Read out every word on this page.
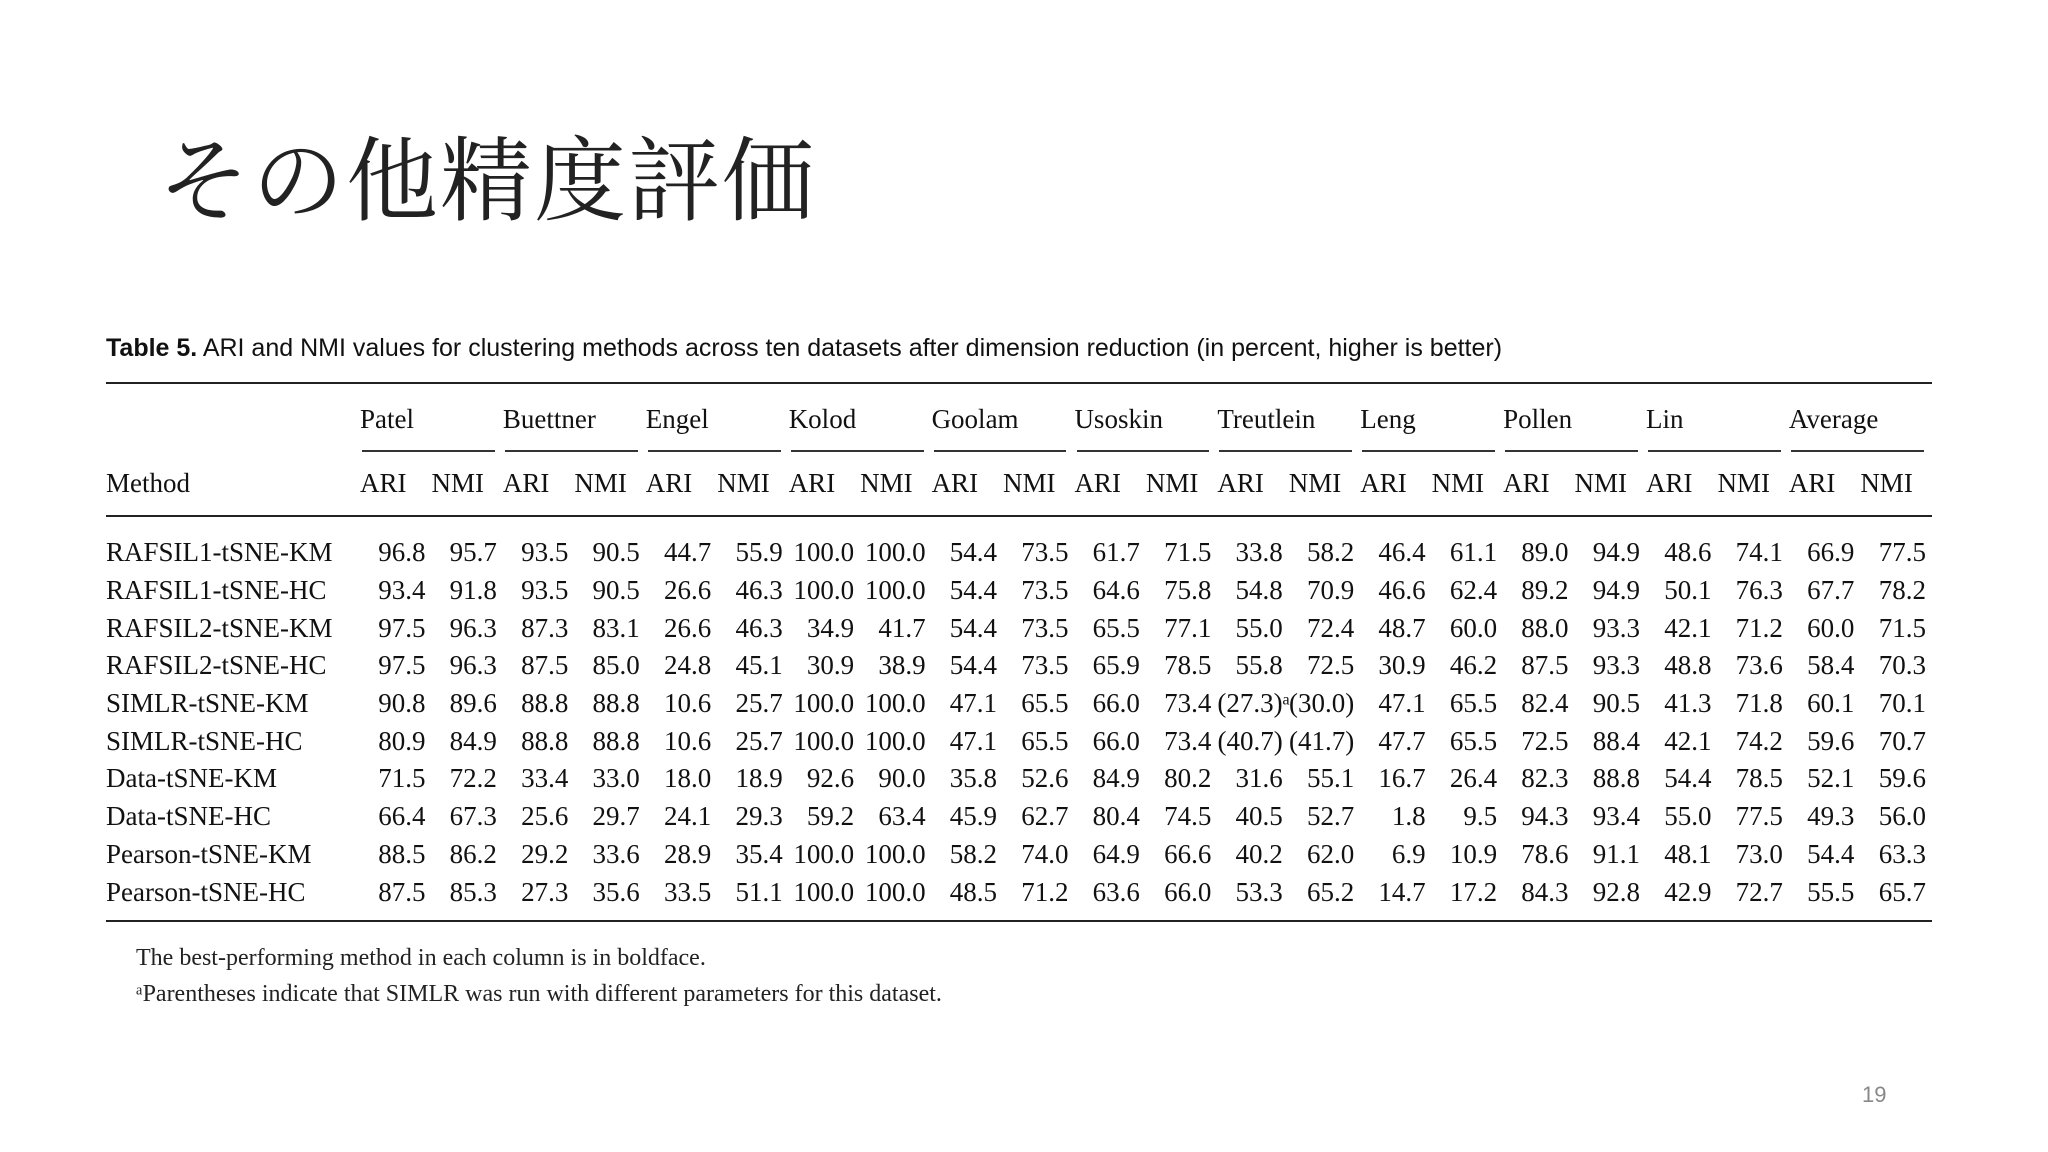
その他精度評価
Table 5. ARI and NMI values for clustering methods across ten datasets after dimension reduction (in percent, higher is better)
	Patel		Buettner		Engel		Kolod		Goolam		Usoskin		Treutlein		Leng		Pollen		Lin		Average	
Method	ARI	NMI	ARI	NMI	ARI	NMI	ARI	NMI	ARI	NMI	ARI	NMI	ARI	NMI	ARI	NMI	ARI	NMI	ARI	NMI	ARI	NMI

RAFSIL1-tSNE-KM	96.8	95.7	93.5	90.5	44.7	55.9	100.0	100.0	54.4	73.5	61.7	71.5	33.8	58.2	46.4	61.1	89.0	94.9	48.6	74.1	66.9	77.5
RAFSIL1-tSNE-HC	93.4	91.8	93.5	90.5	26.6	46.3	100.0	100.0	54.4	73.5	64.6	75.8	54.8	70.9	46.6	62.4	89.2	94.9	50.1	76.3	67.7	78.2
RAFSIL2-tSNE-KM	97.5	96.3	87.3	83.1	26.6	46.3	34.9	41.7	54.4	73.5	65.5	77.1	55.0	72.4	48.7	60.0	88.0	93.3	42.1	71.2	60.0	71.5
RAFSIL2-tSNE-HC	97.5	96.3	87.5	85.0	24.8	45.1	30.9	38.9	54.4	73.5	65.9	78.5	55.8	72.5	30.9	46.2	87.5	93.3	48.8	73.6	58.4	70.3
SIMLR-tSNE-KM	90.8	89.6	88.8	88.8	10.6	25.7	100.0	100.0	47.1	65.5	66.0	73.4	(27.3)ᵃ	(30.0)	47.1	65.5	82.4	90.5	41.3	71.8	60.1	70.1
SIMLR-tSNE-HC	80.9	84.9	88.8	88.8	10.6	25.7	100.0	100.0	47.1	65.5	66.0	73.4	(40.7)	(41.7)	47.7	65.5	72.5	88.4	42.1	74.2	59.6	70.7
Data-tSNE-KM	71.5	72.2	33.4	33.0	18.0	18.9	92.6	90.0	35.8	52.6	84.9	80.2	31.6	55.1	16.7	26.4	82.3	88.8	54.4	78.5	52.1	59.6
Data-tSNE-HC	66.4	67.3	25.6	29.7	24.1	29.3	59.2	63.4	45.9	62.7	80.4	74.5	40.5	52.7	1.8	9.5	94.3	93.4	55.0	77.5	49.3	56.0
Pearson-tSNE-KM	88.5	86.2	29.2	33.6	28.9	35.4	100.0	100.0	58.2	74.0	64.9	66.6	40.2	62.0	6.9	10.9	78.6	91.1	48.1	73.0	54.4	63.3
Pearson-tSNE-HC	87.5	85.3	27.3	35.6	33.5	51.1	100.0	100.0	48.5	71.2	63.6	66.0	53.3	65.2	14.7	17.2	84.3	92.8	42.9	72.7	55.5	65.7
The best-performing method in each column is in boldface.
ᵃParentheses indicate that SIMLR was run with different parameters for this dataset.
19
